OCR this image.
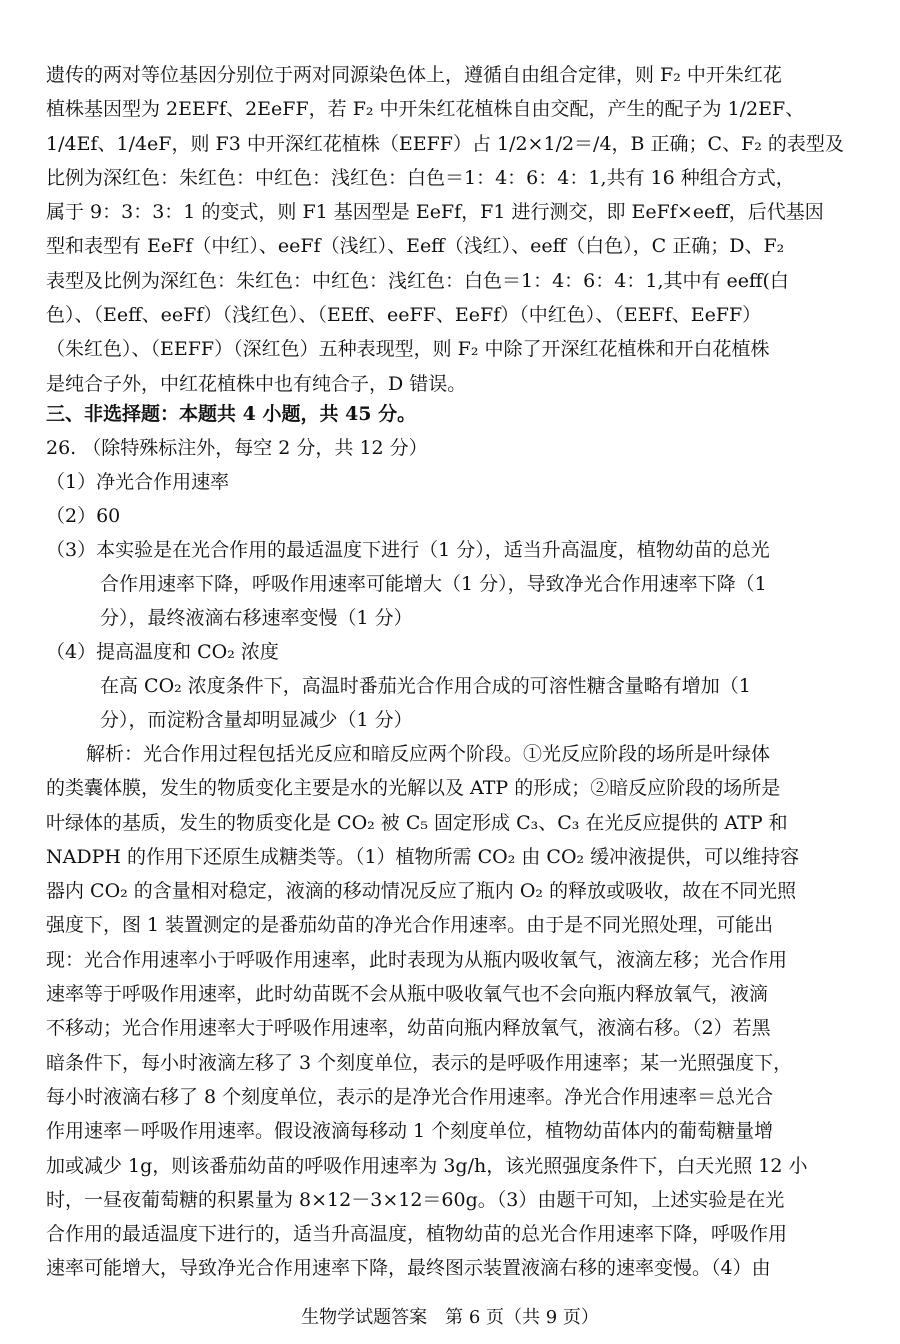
遗传的两对等位基因分别位于两对同源染色体上，遵循自由组合定律，则 F₂ 中开朱红花
植株基因型为 2EEFf、2EeFF，若 F₂ 中开朱红花植株自由交配，产生的配子为 1/2EF、
1/4Ef、1/4eF，则 F3 中开深红花植株（EEFF）占 1/2×1/2＝/4，B 正确；C、F₂ 的表型及
比例为深红色：朱红色：中红色：浅红色：白色＝1：4：6：4：1,共有 16 种组合方式，
属于 9：3：3：1 的变式，则 F1 基因型是 EeFf，F1 进行测交，即 EeFf×eeff，后代基因
型和表型有 EeFf（中红）、eeFf（浅红）、Eeff（浅红）、eeff（白色），C 正确；D、F₂
表型及比例为深红色：朱红色：中红色：浅红色：白色＝1：4：6：4：1,其中有 eeff(白
色）、（Eeff、eeFf）（浅红色）、（EEff、eeFF、EeFf）（中红色）、（EEFf、EeFF）
（朱红色）、（EEFF）（深红色）五种表现型，则 F₂ 中除了开深红花植株和开白花植株
是纯合子外，中红花植株中也有纯合子，D 错误。
三、非选择题：本题共 4 小题，共 45 分。
26. （除特殊标注外，每空 2 分，共 12 分）
（1）净光合作用速率
（2）60
（3）本实验是在光合作用的最适温度下进行（1 分），适当升高温度，植物幼苗的总光
合作用速率下降，呼吸作用速率可能增大（1 分），导致净光合作用速率下降（1
分），最终液滴右移速率变慢（1 分）
（4）提高温度和 CO₂ 浓度
在高 CO₂ 浓度条件下，高温时番茄光合作用合成的可溶性糖含量略有增加（1
分），而淀粉含量却明显减少（1 分）
解析：光合作用过程包括光反应和暗反应两个阶段。①光反应阶段的场所是叶绿体
的类囊体膜，发生的物质变化主要是水的光解以及 ATP 的形成；②暗反应阶段的场所是
叶绿体的基质，发生的物质变化是 CO₂ 被 C₅ 固定形成 C₃、C₃ 在光反应提供的 ATP 和
NADPH 的作用下还原生成糖类等。（1）植物所需 CO₂ 由 CO₂ 缓冲液提供，可以维持容
器内 CO₂ 的含量相对稳定，液滴的移动情况反应了瓶内 O₂ 的释放或吸收，故在不同光照
强度下，图 1 装置测定的是番茄幼苗的净光合作用速率。由于是不同光照处理，可能出
现：光合作用速率小于呼吸作用速率，此时表现为从瓶内吸收氧气，液滴左移；光合作用
速率等于呼吸作用速率，此时幼苗既不会从瓶中吸收氧气也不会向瓶内释放氧气，液滴
不移动；光合作用速率大于呼吸作用速率，幼苗向瓶内释放氧气，液滴右移。（2）若黑
暗条件下，每小时液滴左移了 3 个刻度单位，表示的是呼吸作用速率；某一光照强度下，
每小时液滴右移了 8 个刻度单位，表示的是净光合作用速率。净光合作用速率＝总光合
作用速率－呼吸作用速率。假设液滴每移动 1 个刻度单位，植物幼苗体内的葡萄糖量增
加或减少 1g，则该番茄幼苗的呼吸作用速率为 3g/h，该光照强度条件下，白天光照 12 小
时，一昼夜葡萄糖的积累量为 8×12－3×12＝60g。（3）由题干可知，上述实验是在光
合作用的最适温度下进行的，适当升高温度，植物幼苗的总光合作用速率下降，呼吸作用
速率可能增大，导致净光合作用速率下降，最终图示装置液滴右移的速率变慢。（4）由
生物学试题答案　第 6 页（共 9 页）
